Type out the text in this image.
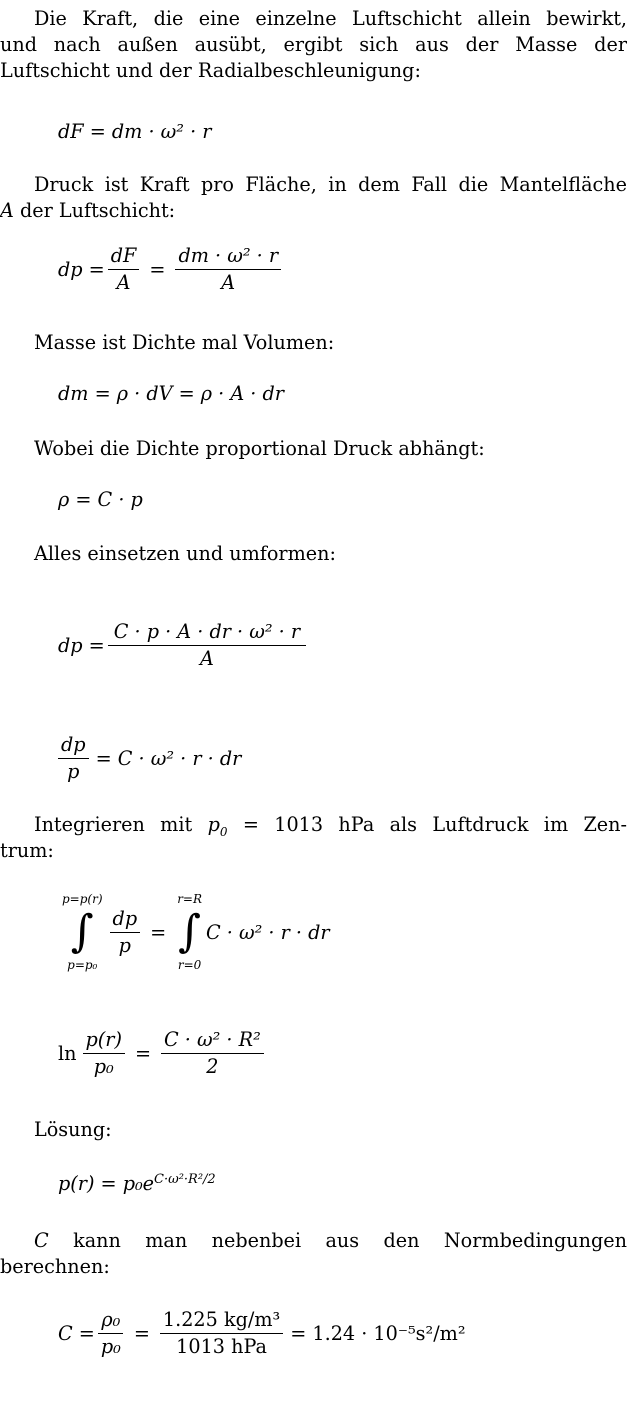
Die Kraft, die eine einzelne Luftschicht allein bewirkt,
und nach außen ausübt, ergibt sich aus der Masse der
Luftschicht und der Radialbeschleunigung:
dF = dm · ω² · r
Druck ist Kraft pro Fläche, in dem Fall die Mantelfläche
A der Luftschicht:
dp = $\frac{dF}{A} = \frac{\text{dm · ω² · r}}{A}$
Masse ist Dichte mal Volumen:
dm = ρ · dV = ρ · A · dr
Wobei die Dichte proportional Druck abhängt:
ρ = C · p
Alles einsetzen und umformen:
dp = $\frac{\text{C · p · A · dr · ω² · r}}{A}$
$\frac{dp}{p} = C \cdot \omega^2 \cdot r$ · dr
Integrieren mit $p_0 = 1013$ hPa als Luftdruck im Zen-
trum:
p=p(r)
∫
p=p₀
$\frac{dp}{p}$ =
r=R
∫
r=0
C · ω² · r · dr
$\ln \frac{p(r)}{\text{p₀}} = \frac{\text{C · ω² · R²}}{2}$
Lösung:
$p(r) = p_0e^{C\cdot\omega^2\cdot R^2/2}$
C kann man nebenbei aus den Normbedingungen
berechnen:
$C = \frac{\text{ρ₀}}{\text{p₀}} = \frac{\text{1.225 kg/m³}}{\text{1013 hPa}} = 1.24 \cdot 10^{-5}s^2/m^2$
